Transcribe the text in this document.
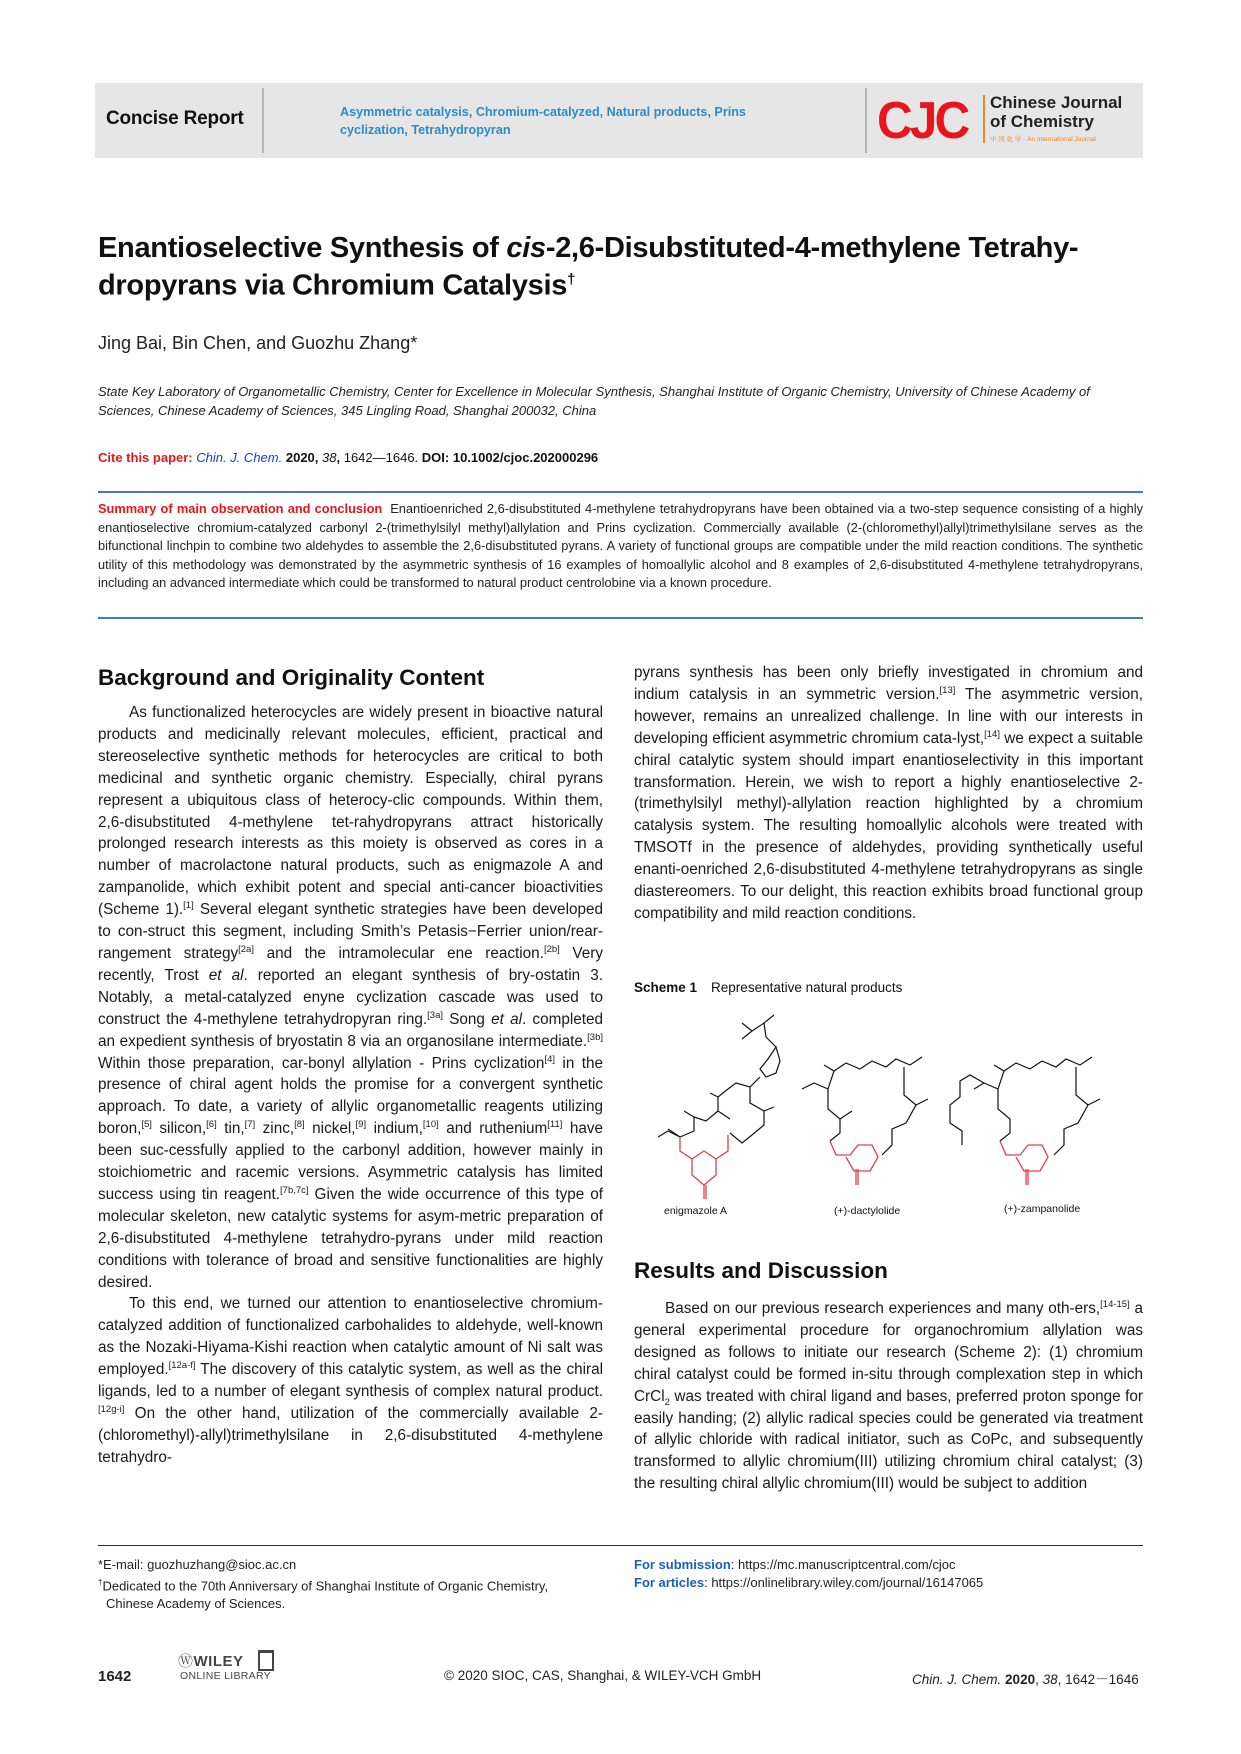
Concise Report	Asymmetric catalysis, Chromium-catalyzed, Natural products, Prins cyclization, Tetrahydropyran	CJC Chinese Journal
of Chemistry
中 国 化 学 - An International Journal
Enantioselective Synthesis of cis-2,6-Disubstituted-4-methylene Tetrahy-dropyrans via Chromium Catalysis†
Jing Bai, Bin Chen, and Guozhu Zhang*
State Key Laboratory of Organometallic Chemistry, Center for Excellence in Molecular Synthesis, Shanghai Institute of Organic Chemistry, University of Chinese Academy of Sciences, Chinese Academy of Sciences, 345 Lingling Road, Shanghai 200032, China
Cite this paper: Chin. J. Chem. 2020, 38, 1642—1646. DOI: 10.1002/cjoc.202000296
Summary of main observation and conclusion Enantioenriched 2,6-disubstituted 4-methylene tetrahydropyrans have been obtained via a two-step sequence consisting of a highly enantioselective chromium-catalyzed carbonyl 2-(trimethylsilyl methyl)allylation and Prins cyclization. Commercially available (2-(chloromethyl)allyl)trimethylsilane serves as the bifunctional linchpin to combine two aldehydes to assemble the 2,6-disubstituted pyrans. A variety of functional groups are compatible under the mild reaction conditions. The synthetic utility of this methodology was demonstrated by the asymmetric synthesis of 16 examples of homoallylic alcohol and 8 examples of 2,6-disubstituted 4-methylene tetrahydropyrans, including an advanced intermediate which could be transformed to natural product centrolobine via a known procedure.
Background and Originality Content

As functionalized heterocycles are widely present in bioactive natural products and medicinally relevant molecules, efficient, practical and stereoselective synthetic methods for heterocycles are critical to both medicinal and synthetic organic chemistry. Especially, chiral pyrans represent a ubiquitous class of heterocy-clic compounds. Within them, 2,6-disubstituted 4-methylene tet-rahydropyrans attract historically prolonged research interests as this moiety is observed as cores in a number of macrolactone natural products, such as enigmazole A and zampanolide, which exhibit potent and special anti-cancer bioactivities (Scheme 1).[1] Several elegant synthetic strategies have been developed to con-struct this segment, including Smith’s Petasis−Ferrier union/rear-rangement strategy[2a] and the intramolecular ene reaction.[2b] Very recently, Trost et al. reported an elegant synthesis of bry-ostatin 3. Notably, a metal-catalyzed enyne cyclization cascade was used to construct the 4-methylene tetrahydropyran ring.[3a] Song et al. completed an expedient synthesis of bryostatin 8 via an organosilane intermediate.[3b] Within those preparation, car-bonyl allylation - Prins cyclization[4] in the presence of chiral agent holds the promise for a convergent synthetic approach. To date, a variety of allylic organometallic reagents utilizing boron,[5] silicon,[6] tin,[7] zinc,[8] nickel,[9] indium,[10] and ruthenium[11] have been suc-cessfully applied to the carbonyl addition, however mainly in stoichiometric and racemic versions. Asymmetric catalysis has limited success using tin reagent.[7b,7c] Given the wide occurrence of this type of molecular skeleton, new catalytic systems for asym-metric preparation of 2,6-disubstituted 4-methylene tetrahydro-pyrans under mild reaction conditions with tolerance of broad and sensitive functionalities are highly desired.

To this end, we turned our attention to enantioselective chromium-catalyzed addition of functionalized carbohalides to aldehyde, well-known as the Nozaki-Hiyama-Kishi reaction when catalytic amount of Ni salt was employed.[12a-f] The discovery of this catalytic system, as well as the chiral ligands, led to a number of elegant synthesis of complex natural product.[12g-i] On the other hand, utilization of the commercially available 2-(chloromethyl)-allyl)trimethylsilane in 2,6-disubstituted 4-methylene tetrahydro-

pyrans synthesis has been only briefly investigated in chromium and indium catalysis in an symmetric version.[13] The asymmetric version, however, remains an unrealized challenge. In line with our interests in developing efficient asymmetric chromium cata-lyst,[14] we expect a suitable chiral catalytic system should impart enantioselectivity in this important transformation. Herein, we wish to report a highly enantioselective 2-(trimethylsilyl methyl)-allylation reaction highlighted by a chromium catalysis system. The resulting homoallylic alcohols were treated with TMSOTf in the presence of aldehydes, providing synthetically useful enanti-oenriched 2,6-disubstituted 4-methylene tetrahydropyrans as single diastereomers. To our delight, this reaction exhibits broad functional group compatibility and mild reaction conditions.

Scheme 1 Representative natural products
enigmazole A	(+)-dactylolide	(+)-zampanolide
Results and Discussion

Based on our previous research experiences and many oth-ers,[14-15] a general experimental procedure for organochromium allylation was designed as follows to initiate our research (Scheme 2): (1) chromium chiral catalyst could be formed in-situ through complexation step in which CrCl$_2$ was treated with chiral ligand and bases, preferred proton sponge for easily handing; (2) allylic radical species could be generated via treatment of allylic chloride with radical initiator, such as CoPc, and subsequently transformed to allylic chromium(III) utilizing chromium chiral catalyst; (3) the resulting chiral allylic chromium(III) would be subject to addition

*E-mail: guozhuzhang@sioc.ac.cn
†Dedicated to the 70th Anniversary of Shanghai Institute of Organic Chemistry, Chinese Academy of Sciences.
For submission: https://mc.manuscriptcentral.com/cjoc
For articles: https://onlinelibrary.wiley.com/journal/16147065
1642
ⓌWILEY
ONLINE LIBRARY	© 2020 SIOC, CAS, Shanghai, & WILEY-VCH GmbH	Chin. J. Chem. 2020, 38, 1642－1646
